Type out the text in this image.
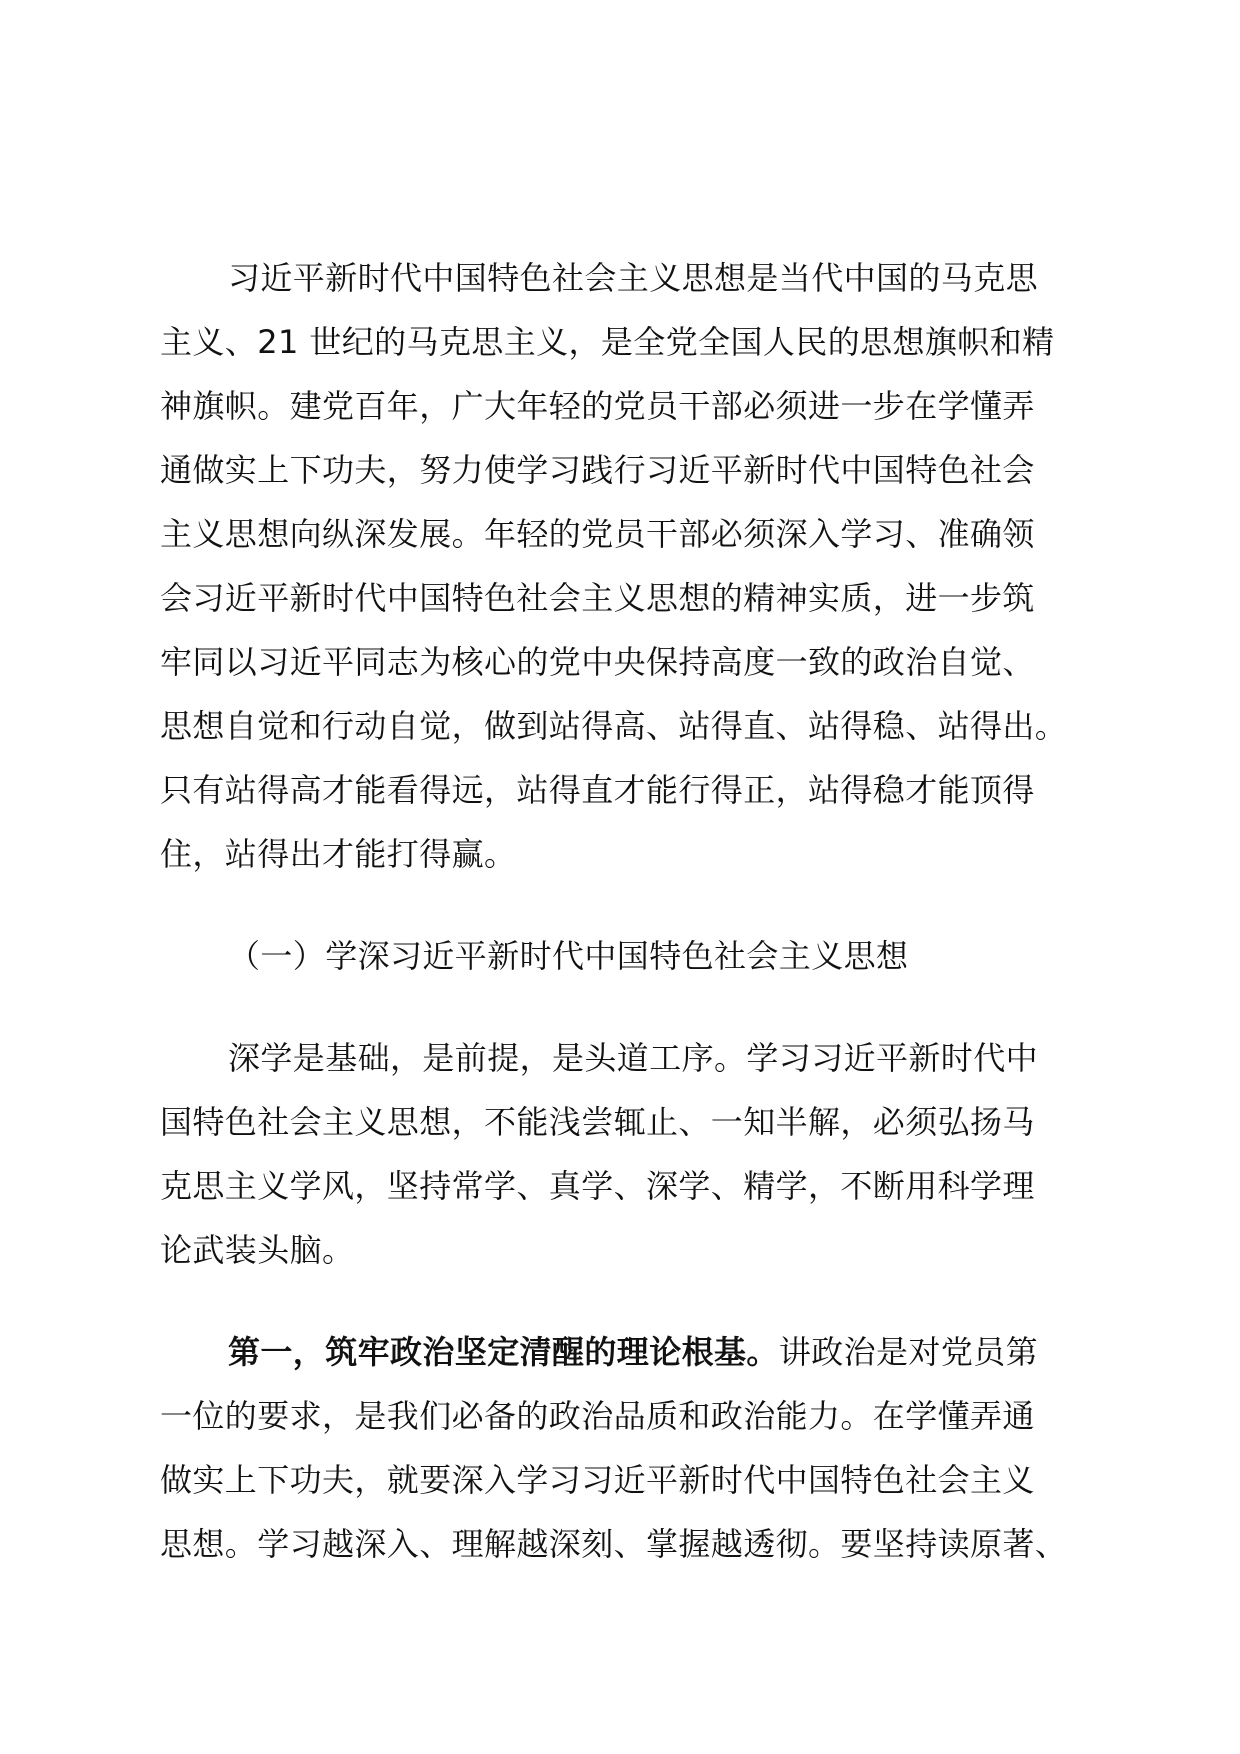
习近平新时代中国特色社会主义思想是当代中国的马克思
主义、21 世纪的马克思主义，是全党全国人民的思想旗帜和精
神旗帜。建党百年，广大年轻的党员干部必须进一步在学懂弄
通做实上下功夫，努力使学习践行习近平新时代中国特色社会
主义思想向纵深发展。年轻的党员干部必须深入学习、准确领
会习近平新时代中国特色社会主义思想的精神实质，进一步筑
牢同以习近平同志为核心的党中央保持高度一致的政治自觉、
思想自觉和行动自觉，做到站得高、站得直、站得稳、站得出。
只有站得高才能看得远，站得直才能行得正，站得稳才能顶得
住，站得出才能打得赢。
（一）学深习近平新时代中国特色社会主义思想
深学是基础，是前提，是头道工序。学习习近平新时代中
国特色社会主义思想，不能浅尝辄止、一知半解，必须弘扬马
克思主义学风，坚持常学、真学、深学、精学，不断用科学理
论武装头脑。
第一，筑牢政治坚定清醒的理论根基。讲政治是对党员第
一位的要求，是我们必备的政治品质和政治能力。在学懂弄通
做实上下功夫，就要深入学习习近平新时代中国特色社会主义
思想。学习越深入、理解越深刻、掌握越透彻。要坚持读原著、
